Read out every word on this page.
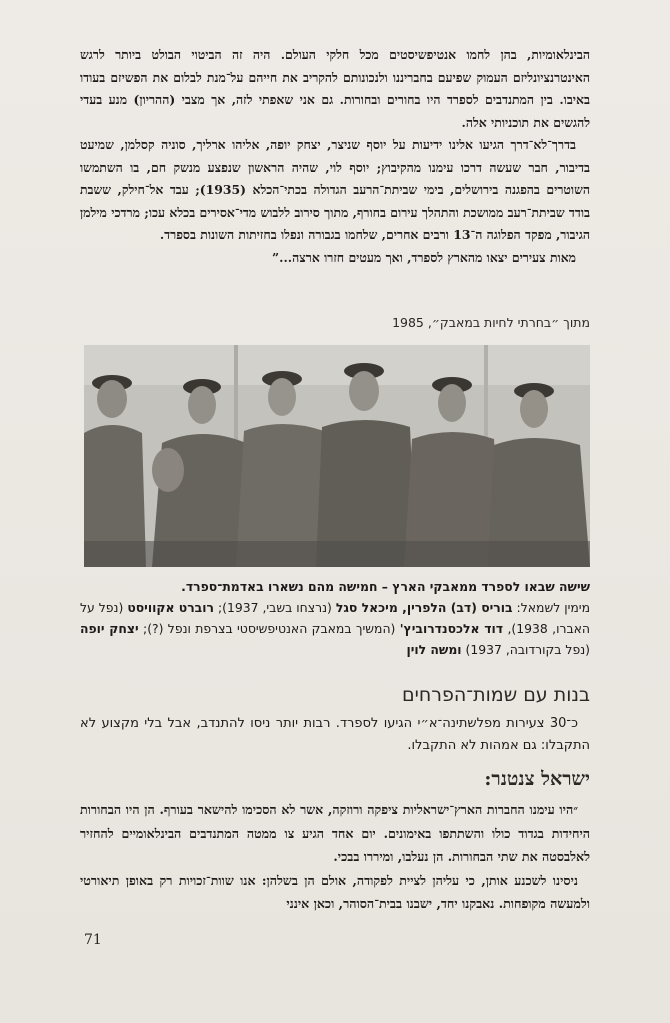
הבינלאומיות, בהן לחמו אנטיפשיסטים מכל חלקי העולם. היה זה הביטוי הבולט ביותר לרגש האינטרנציונליזם העמוק שפיעם בחבריננו ולנכונותם להקריב את חייהם על־מנת לבלום את הפשיזם בעודו באיבו. בין המתנדבים לספרד היו בחורים ובחורות. גם אני שאפתי לזה, אך מצבי (ההריון) מנע בעדי להגשים את תוכניותי אלה.

בדרך־לא־דרך הגיעו אלינו ידיעות על יוסף שניצר, יצחק יופה, אליהו ארליך, סוניה קסלמן, שמיעט בדיבור, חבר שעשה דרכו עימנו מהקיבוץ; יוסף לוי, שהיה הראשון שנפצע מנשק חם, בו השתמשו השוטרים בהפגנה בירושלים, בימי שביתת־הרעב הגדולה בכתי־הכלא (1935); עבד אל־חילק, ששבת בודד שביתת־רעב ממושכת והתהלך עירום בחורף, מתוך סירוב ללבוש מדי־אסירים בכלא עכו; מרדכי מילמן הגיבור, מפקד הפלוגה ה־13 ורבים אחרים, שלחמו בגבורה ונפלו בחזיתות השונות בספרד.

מאות צעירים יצאו מהארץ לספרד, ואך מעטים חזרו ארצה...”

מתוך ״בחרתי לחיות במאבק״, 1985
שישה שבאו לספרד ממאבקי הארץ – חמישה מהם נשארו באדמת־ספרד.
מימין לשמאל: בוריס (דב) הלפרין, מיכאל סגל (נרצחו בשבי, 1937); רוברט אקוויסט (נפל על האברו, 1938), דוד אלכסנדרוביץ' (המשיך במאבק האנטיפשיסטי בצרפת ונפל (?); יצחק יופה (נפל בקורדובה, 1937) ומשה לוין
בנות עם שמות־הפרחים

כ־30 צעירות מפלשתינה־א״י הגיעו לספרד. רבות יותר ניסו להתנדב, אבל בלי מקצוע לא התקבלו: גם אמהות לא התקבלו.

ישראל צנטנר:

״היו עימנו החברות הארץ־ישראליות ציפקה ורוזקה, אשר לא הסכימו להישאר בעורף. הן היו הבחורות היחידות בגדוד כולו והשתתפו באימונים. יום אחד הגיע צו ממטה המתנדבים הבינלאומיים להחזיר לאלבסטה את שתי הבחורות. הן נעלבו, ומיררו בבכי.

ניסינו לשכנע אותן, כי עליהן לציית לפקודה, אולם הן בשלהן: אנו שוות־זכויות רק באופן תיאורטי ולמעשה מקופחות. נאבקנו יחד, ישבנו בבית־הסוהר, וכאן אינני

71
